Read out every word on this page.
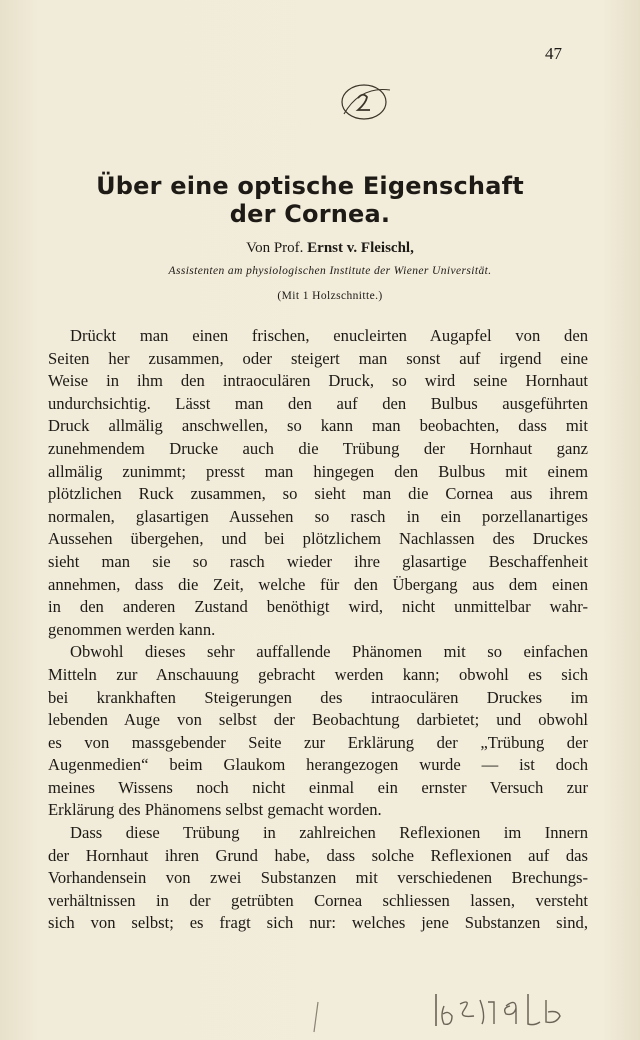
47
Über eine optische Eigenschaft der Cornea.
Von Prof. Ernst v. Fleischl,
Assistenten am physiologischen Institute der Wiener Universität.
(Mit 1 Holzschnitte.)
Drückt man einen frischen, enucleirten Augapfel von den
Seiten her zusammen, oder steigert man sonst auf irgend eine
Weise in ihm den intraoculären Druck, so wird seine Hornhaut
undurchsichtig. Lässt man den auf den Bulbus ausgeführten
Druck allmälig anschwellen, so kann man beobachten, dass mit
zunehmendem Drucke auch die Trübung der Hornhaut ganz
allmälig zunimmt; presst man hingegen den Bulbus mit einem
plötzlichen Ruck zusammen, so sieht man die Cornea aus ihrem
normalen, glasartigen Aussehen so rasch in ein porzellanartiges
Aussehen übergehen, und bei plötzlichem Nachlassen des Druckes
sieht man sie so rasch wieder ihre glasartige Beschaffenheit
annehmen, dass die Zeit, welche für den Übergang aus dem einen
in den anderen Zustand benöthigt wird, nicht unmittelbar wahr-
genommen werden kann.
Obwohl dieses sehr auffallende Phänomen mit so einfachen
Mitteln zur Anschauung gebracht werden kann; obwohl es sich
bei krankhaften Steigerungen des intraoculären Druckes im
lebenden Auge von selbst der Beobachtung darbietet; und obwohl
es von massgebender Seite zur Erklärung der „Trübung der
Augenmedien“ beim Glaukom herangezogen wurde — ist doch
meines Wissens noch nicht einmal ein ernster Versuch zur
Erklärung des Phänomens selbst gemacht worden.
Dass diese Trübung in zahlreichen Reflexionen im Innern
der Hornhaut ihren Grund habe, dass solche Reflexionen auf das
Vorhandensein von zwei Substanzen mit verschiedenen Brechungs-
verhältnissen in der getrübten Cornea schliessen lassen, versteht
sich von selbst; es fragt sich nur: welches jene Substanzen sind,
